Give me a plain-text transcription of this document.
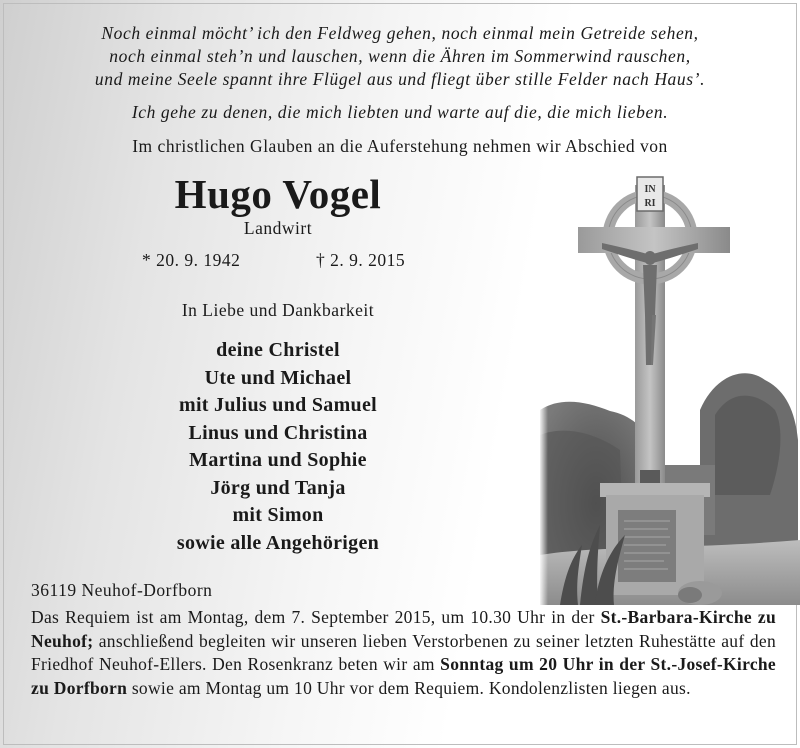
Noch einmal möcht’ ich den Feldweg gehen, noch einmal mein Getreide sehen,
noch einmal steh’n und lauschen, wenn die Ähren im Sommerwind rauschen,
und meine Seele spannt ihre Flügel aus und fliegt über stille Felder nach Haus’.
Ich gehe zu denen, die mich liebten und warte auf die, die mich lieben.
Im christlichen Glauben an die Auferstehung nehmen wir Abschied von
Hugo Vogel
Landwirt
* 20. 9. 1942	† 2. 9. 2015
In Liebe und Dankbarkeit
deine Christel
Ute und Michael
mit Julius und Samuel
Linus und Christina
Martina und Sophie
Jörg und Tanja
mit Simon
sowie alle Angehörigen
IN
RI
36119 Neuhof-Dorfborn

Das Requiem ist am Montag, dem 7. September 2015, um 10.30 Uhr in der St.-Barbara-Kirche zu Neuhof; anschließend begleiten wir unseren lieben Verstorbenen zu seiner letzten Ruhestätte auf den Friedhof Neuhof-Ellers. Den Rosenkranz beten wir am Sonntag um 20 Uhr in der St.-Josef-Kirche zu Dorfborn sowie am Montag um 10 Uhr vor dem Requiem. Kondolenzlisten liegen aus.
